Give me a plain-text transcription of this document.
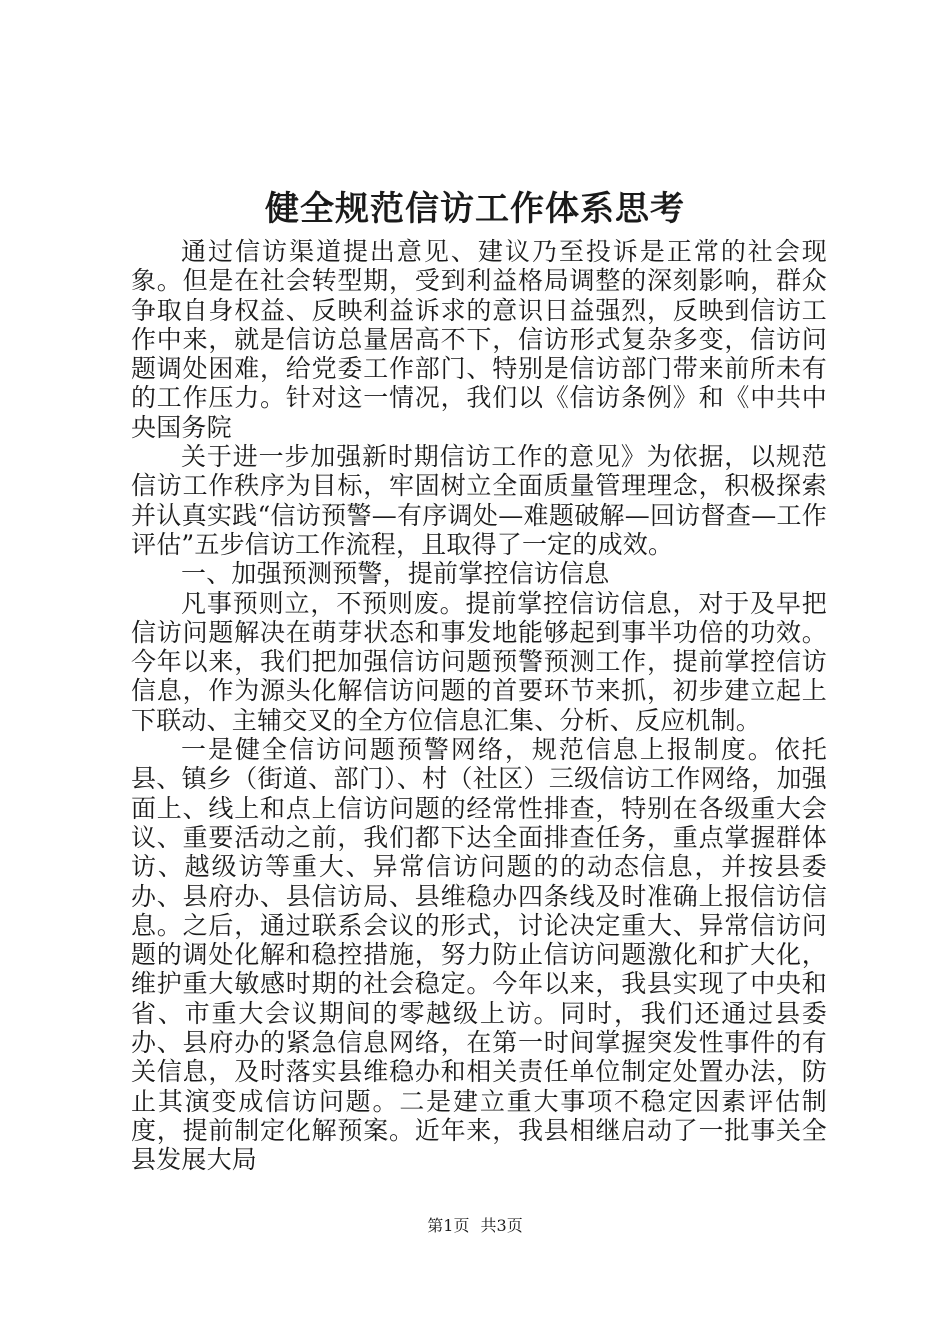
健全规范信访工作体系思考

通过信访渠道提出意见、建议乃至投诉是正常的社会现象。但是在社会转型期，受到利益格局调整的深刻影响，群众争取自身权益、反映利益诉求的意识日益强烈，反映到信访工作中来，就是信访总量居高不下，信访形式复杂多变，信访问题调处困难，给党委工作部门、特别是信访部门带来前所未有的工作压力。针对这一情况，我们以《信访条例》和《中共中央国务院

关于进一步加强新时期信访工作的意见》为依据，以规范信访工作秩序为目标，牢固树立全面质量管理理念，积极探索并认真实践“信访预警—有序调处—难题破解—回访督查—工作评估”五步信访工作流程，且取得了一定的成效。

一、加强预测预警，提前掌控信访信息

凡事预则立，不预则废。提前掌控信访信息，对于及早把信访问题解决在萌芽状态和事发地能够起到事半功倍的功效。今年以来，我们把加强信访问题预警预测工作，提前掌控信访信息，作为源头化解信访问题的首要环节来抓，初步建立起上下联动、主辅交叉的全方位信息汇集、分析、反应机制。

一是健全信访问题预警网络，规范信息上报制度。依托县、镇乡（街道、部门）、村（社区）三级信访工作网络，加强面上、线上和点上信访问题的经常性排查，特别在各级重大会议、重要活动之前，我们都下达全面排查任务，重点掌握群体访、越级访等重大、异常信访问题的的动态信息，并按县委办、县府办、县信访局、县维稳办四条线及时准确上报信访信息。之后，通过联系会议的形式，讨论决定重大、异常信访问题的调处化解和稳控措施，努力防止信访问题激化和扩大化，维护重大敏感时期的社会稳定。今年以来，我县实现了中央和省、市重大会议期间的零越级上访。同时，我们还通过县委办、县府办的紧急信息网络，在第一时间掌握突发性事件的有关信息，及时落实县维稳办和相关责任单位制定处置办法，防止其演变成信访问题。二是建立重大事项不稳定因素评估制度，提前制定化解预案。近年来，我县相继启动了一批事关全县发展大局

第1页 共3页
